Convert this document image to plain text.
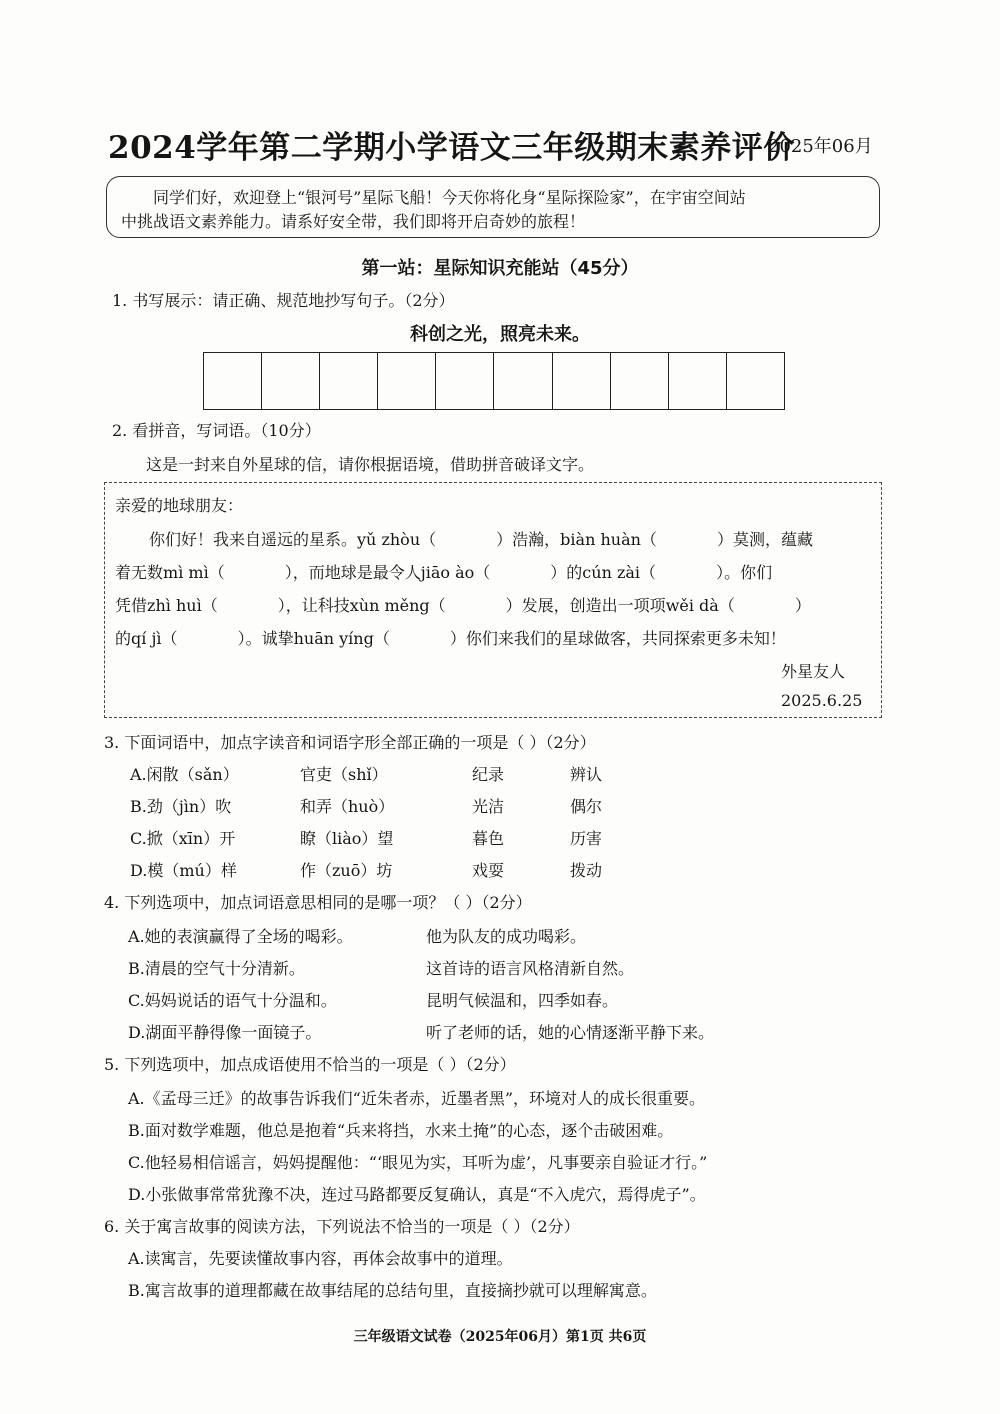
2024学年第二学期小学语文三年级期末素养评价
2025年06月
同学们好，欢迎登上“银河号”星际飞船！今天你将化身“星际探险家”，在宇宙空间站
中挑战语文素养能力。请系好安全带，我们即将开启奇妙的旅程！
第一站：星际知识充能站（45分）
1. 书写展示：请正确、规范地抄写句子。（2分）
科创之光，照亮未来。
2. 看拼音，写词语。（10分）
这是一封来自外星球的信，请你根据语境，借助拼音破译文字。
亲爱的地球朋友：
你们好！我来自遥远的星系。yǔ zhòu（	）浩瀚，biàn huàn（	）莫测，蕴藏
着无数mì mì（	），而地球是最令人jiāo ào（	）的cún zài（	）。你们
凭借zhì huì（	），让科技xùn měng（	）发展，创造出一项项wěi dà（	）
的qí jì（	）。诚挚huān yíng（	）你们来我们的星球做客，共同探索更多未知！
外星友人
2025.6.25
3. 下面词语中，加点字读音和词语字形全部正确的一项是（ ）（2分）
A.闲散（sǎn）	官吏（shǐ）	纪录	辨认
B.劲（jìn）吹	和弄（huò）	光洁	偶尔
C.掀（xīn）开	瞭（liào）望	暮色	历害
D.模（mú）样	作（zuō）坊	戏耍	拨动
4. 下列选项中，加点词语意思相同的是哪一项？（ ）（2分）
A.她的表演赢得了全场的喝彩。	他为队友的成功喝彩。
B.清晨的空气十分清新。	这首诗的语言风格清新自然。
C.妈妈说话的语气十分温和。	昆明气候温和，四季如春。
D.湖面平静得像一面镜子。	听了老师的话，她的心情逐渐平静下来。
5. 下列选项中，加点成语使用不恰当的一项是（ ）（2分）
A.《孟母三迁》的故事告诉我们“近朱者赤，近墨者黑”，环境对人的成长很重要。
B.面对数学难题，他总是抱着“兵来将挡，水来土掩”的心态，逐个击破困难。
C.他轻易相信谣言，妈妈提醒他：“‘眼见为实，耳听为虚’，凡事要亲自验证才行。”
D.小张做事常常犹豫不决，连过马路都要反复确认，真是“不入虎穴，焉得虎子”。
6. 关于寓言故事的阅读方法，下列说法不恰当的一项是（ ）（2分）
A.读寓言，先要读懂故事内容，再体会故事中的道理。
B.寓言故事的道理都藏在故事结尾的总结句里，直接摘抄就可以理解寓意。
三年级语文试卷（2025年06月）第1页 共6页
